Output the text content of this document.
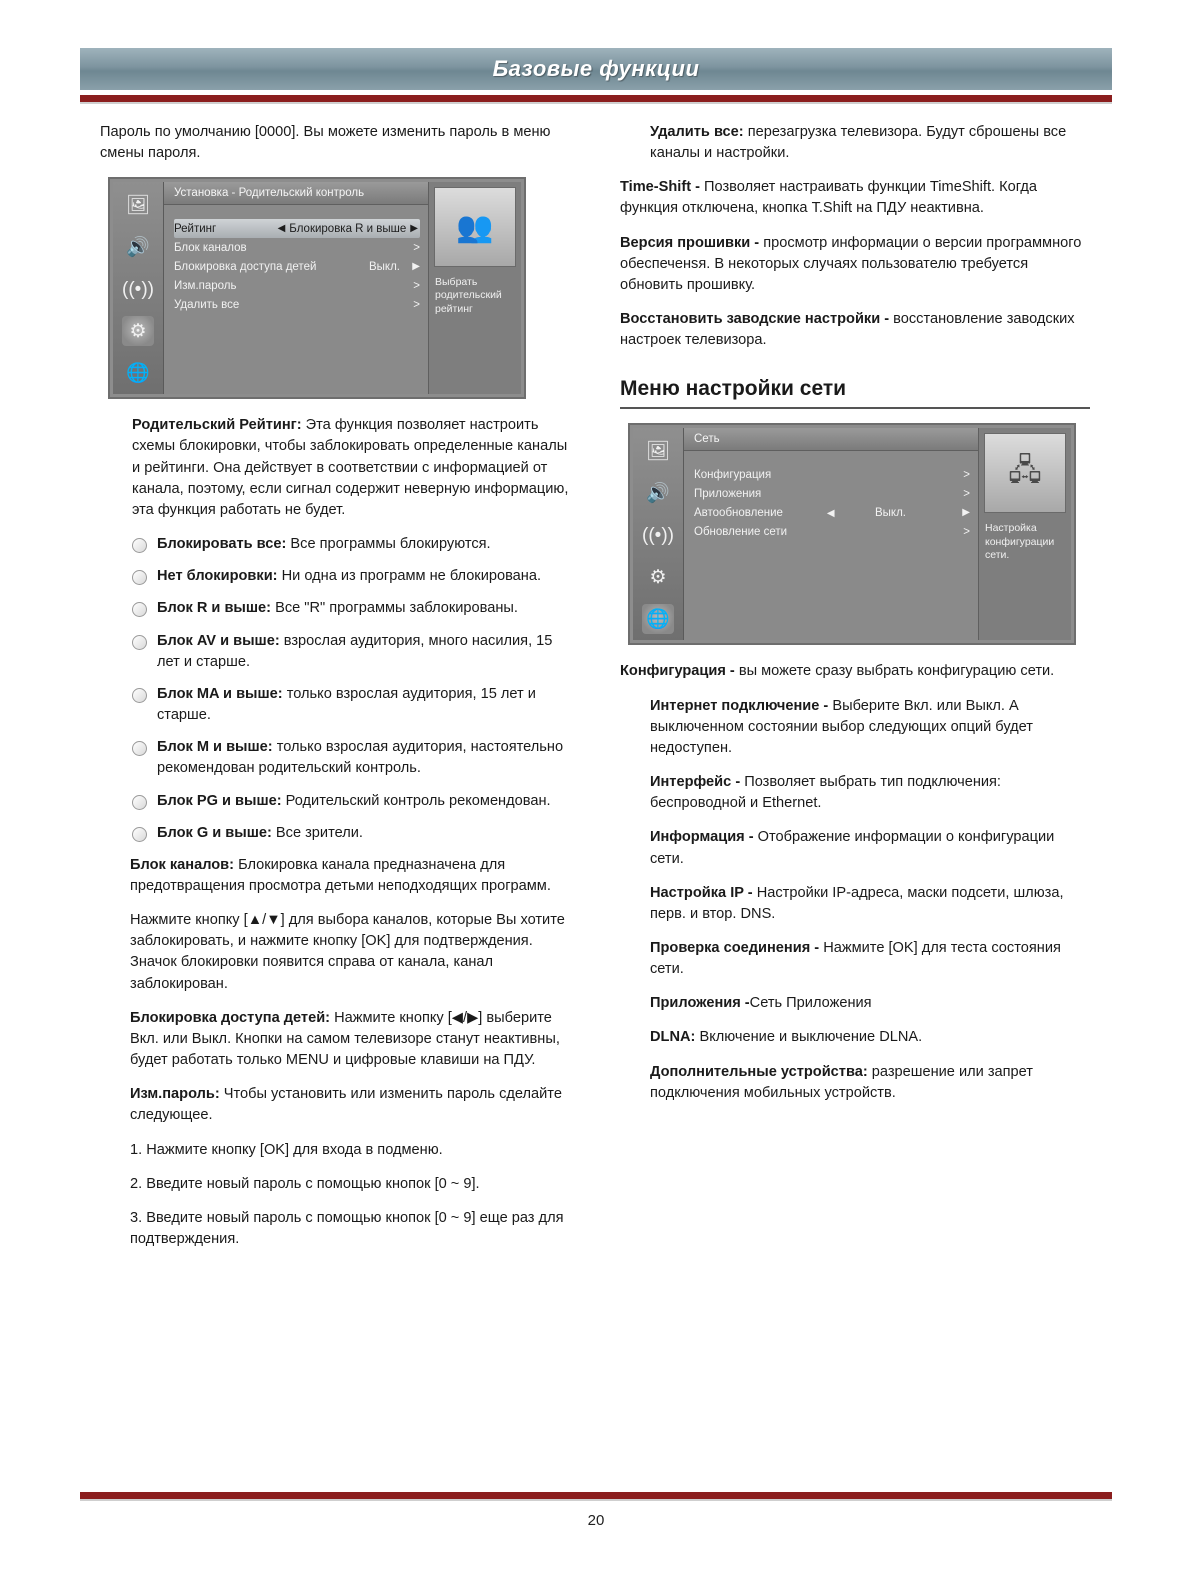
Базовые функции

Пароль по умолчанию [0000]. Вы можете изменить пароль в меню смены пароля.

🖼
🔊
((•))
⚙
🌐
Установка - Родительский контроль
Рейтинг	◀ Блокировка R и выше ▶
Блок каналов	>
Блокировка доступа детей	Выкл.	▶
Изм.пароль	>
Удалить все	>
👥
Выбрать родительский рейтинг

Родительский Рейтинг: Эта функция позволяет настроить схемы блокировки, чтобы заблокировать определенные каналы и рейтинги. Она действует в соответствии с информацией от канала, поэтому, если сигнал содержит неверную информацию, эта функция работать не будет.

Блокировать все: Все программы блокируются.
Нет блокировки: Ни одна из программ не блокирована.
Блок R и выше: Все "R" программы заблокированы.
Блок AV и выше: взрослая аудитория, много насилия, 15 лет и старше.
Блок MA и выше: только взрослая аудитория, 15 лет и старше.
Блок M и выше: только взрослая аудитория, настоятельно рекомендован родительский контроль.
Блок PG и выше: Родительский контроль рекомендован.
Блок G и выше: Все зрители.

Блок каналов: Блокировка канала предназначена для предотвращения просмотра детьми неподходящих программ.

Нажмите кнопку [▲/▼] для выбора каналов, которые Вы хотите заблокировать, и нажмите кнопку [OK] для подтверждения. Значок блокировки появится справа от канала, канал заблокирован.

Блокировка доступа детей: Нажмите кнопку [◀/▶] выберите Вкл. или Выкл. Кнопки на самом телевизоре станут неактивны, будет работать только MENU и цифровые клавиши на ПДУ.

Изм.пароль: Чтобы установить или изменить пароль сделайте следующее.

1. Нажмите кнопку [OK] для входа в подменю.

2. Введите новый пароль с помощью кнопок [0 ~ 9].

3. Введите новый пароль с помощью кнопок [0 ~ 9] еще раз для подтверждения.

Удалить все: перезагрузка телевизора. Будут сброшены все каналы и настройки.

Time-Shift - Позволяет настраивать функции TimeShift. Когда функция отключена, кнопка T.Shift на ПДУ неактивна.

Версия прошивки - просмотр информации о версии программного обеспеченsя. В некоторых случаях пользователю требуется обновить прошивку.

Восстановить заводские настройки - восстановление заводских настроек телевизора.

Меню настройки сети
🖼
🔊
((•))
⚙
🌐
Сеть
Конфигурация	>
Приложения	>
Автообновление	◀	Выкл.	▶
Обновление сети	>
🖧
Настройка конфигурации сети.

Конфигурация - вы можете сразу выбрать конфигурацию сети.

Интернет подключение - Выберите Вкл. или Выкл. А выключенном состоянии выбор следующих опций будет недоступен.

Интерфейс - Позволяет выбрать тип подключения: беспроводной и Ethernet.

Информация - Отображение информации о конфигурации сети.

Настройка IP - Настройки IP-адреса, маски подсети, шлюза, перв. и втор. DNS.

Проверка соединения - Нажмите [OK] для теста состояния сети.

Приложения -Сеть Приложения

DLNA: Включение и выключение DLNA.

Дополнительные устройства: разрешение или запрет подключения мобильных устройств.

20
